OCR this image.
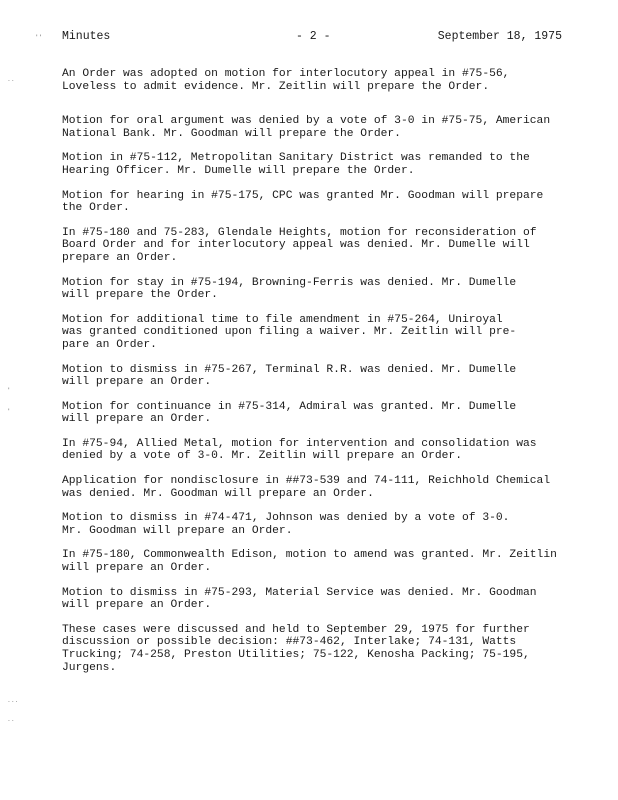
Minutes	- 2 -	September 18, 1975
' '
. .
'
'
. . .
. .

An Order was adopted on motion for interlocutory appeal in #75-56,
Loveless to admit evidence. Mr. Zeitlin will prepare the Order.

Motion for oral argument was denied by a vote of 3-0 in #75-75, American
National Bank. Mr. Goodman will prepare the Order.

Motion in #75-112, Metropolitan Sanitary District was remanded to the
Hearing Officer. Mr. Dumelle will prepare the Order.

Motion for hearing in #75-175, CPC was granted Mr. Goodman will prepare
the Order.

In #75-180 and 75-283, Glendale Heights, motion for reconsideration of
Board Order and for interlocutory appeal was denied. Mr. Dumelle will
prepare an Order.

Motion for stay in #75-194, Browning-Ferris was denied. Mr. Dumelle
will prepare the Order.

Motion for additional time to file amendment in #75-264, Uniroyal
was granted conditioned upon filing a waiver. Mr. Zeitlin will pre-
pare an Order.

Motion to dismiss in #75-267, Terminal R.R. was denied. Mr. Dumelle
will prepare an Order.

Motion for continuance in #75-314, Admiral was granted. Mr. Dumelle
will prepare an Order.

In #75-94, Allied Metal, motion for intervention and consolidation was
denied by a vote of 3-0. Mr. Zeitlin will prepare an Order.

Application for nondisclosure in ##73-539 and 74-111, Reichhold Chemical
was denied. Mr. Goodman will prepare an Order.

Motion to dismiss in #74-471, Johnson was denied by a vote of 3-0.
Mr. Goodman will prepare an Order.

In #75-180, Commonwealth Edison, motion to amend was granted. Mr. Zeitlin
will prepare an Order.

Motion to dismiss in #75-293, Material Service was denied. Mr. Goodman
will prepare an Order.

These cases were discussed and held to September 29, 1975 for further
discussion or possible decision: ##73-462, Interlake; 74-131, Watts
Trucking; 74-258, Preston Utilities; 75-122, Kenosha Packing; 75-195,
Jurgens.
